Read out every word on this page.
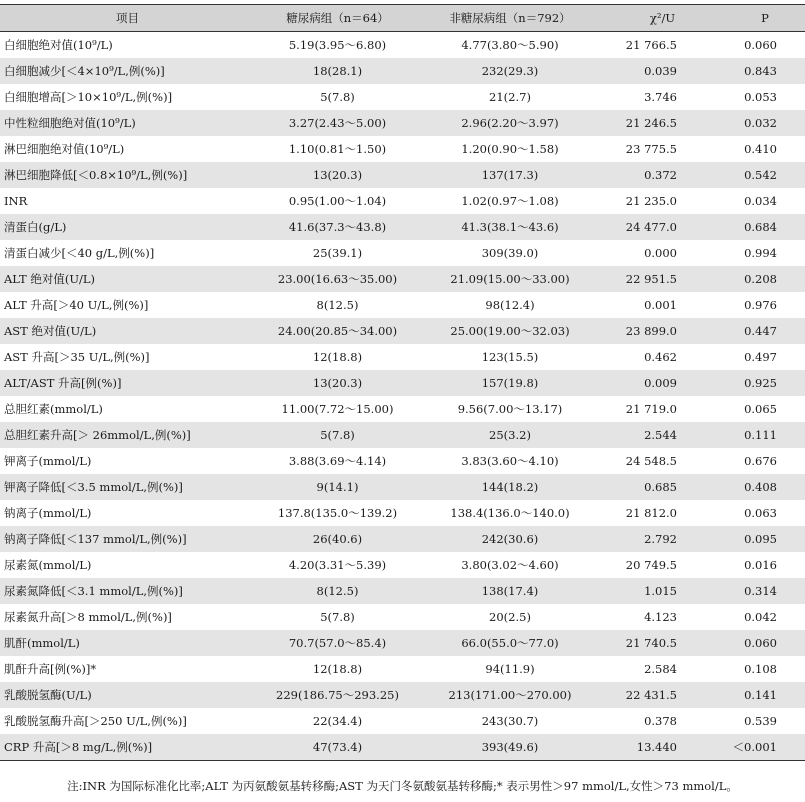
项目	糖尿病组（n＝64）	非糖尿病组（n＝792）	χ²/U	P
白细胞绝对值(10⁹/L)	5.19(3.95～6.80)	4.77(3.80～5.90)	21 766.5	0.060
白细胞减少[＜4×10⁹/L,例(%)]	18(28.1)	232(29.3)	0.039	0.843
白细胞增高[＞10×10⁹/L,例(%)]	5(7.8)	21(2.7)	3.746	0.053
中性粒细胞绝对值(10⁹/L)	3.27(2.43～5.00)	2.96(2.20～3.97)	21 246.5	0.032
淋巴细胞绝对值(10⁹/L)	1.10(0.81～1.50)	1.20(0.90～1.58)	23 775.5	0.410
淋巴细胞降低[＜0.8×10⁹/L,例(%)]	13(20.3)	137(17.3)	0.372	0.542
INR	0.95(1.00～1.04)	1.02(0.97～1.08)	21 235.0	0.034
清蛋白(g/L)	41.6(37.3～43.8)	41.3(38.1～43.6)	24 477.0	0.684
清蛋白减少[＜40 g/L,例(%)]	25(39.1)	309(39.0)	0.000	0.994
ALT 绝对值(U/L)	23.00(16.63～35.00)	21.09(15.00～33.00)	22 951.5	0.208
ALT 升高[＞40 U/L,例(%)]	8(12.5)	98(12.4)	0.001	0.976
AST 绝对值(U/L)	24.00(20.85～34.00)	25.00(19.00～32.03)	23 899.0	0.447
AST 升高[＞35 U/L,例(%)]	12(18.8)	123(15.5)	0.462	0.497
ALT/AST 升高[例(%)]	13(20.3)	157(19.8)	0.009	0.925
总胆红素(mmol/L)	11.00(7.72～15.00)	9.56(7.00～13.17)	21 719.0	0.065
总胆红素升高[＞ 26mmol/L,例(%)]	5(7.8)	25(3.2)	2.544	0.111
钾离子(mmol/L)	3.88(3.69～4.14)	3.83(3.60～4.10)	24 548.5	0.676
钾离子降低[＜3.5 mmol/L,例(%)]	9(14.1)	144(18.2)	0.685	0.408
钠离子(mmol/L)	137.8(135.0～139.2)	138.4(136.0～140.0)	21 812.0	0.063
钠离子降低[＜137 mmol/L,例(%)]	26(40.6)	242(30.6)	2.792	0.095
尿素氮(mmol/L)	4.20(3.31～5.39)	3.80(3.02～4.60)	20 749.5	0.016
尿素氮降低[＜3.1 mmol/L,例(%)]	8(12.5)	138(17.4)	1.015	0.314
尿素氮升高[＞8 mmol/L,例(%)]	5(7.8)	20(2.5)	4.123	0.042
肌酐(mmol/L)	70.7(57.0～85.4)	66.0(55.0～77.0)	21 740.5	0.060
肌酐升高[例(%)]*	12(18.8)	94(11.9)	2.584	0.108
乳酸脱氢酶(U/L)	229(186.75～293.25)	213(171.00～270.00)	22 431.5	0.141
乳酸脱氢酶升高[＞250 U/L,例(%)]	22(34.4)	243(30.7)	0.378	0.539
CRP 升高[＞8 mg/L,例(%)]	47(73.4)	393(49.6)	13.440	＜0.001
注:INR 为国际标准化比率;ALT 为丙氨酸氨基转移酶;AST 为天门冬氨酸氨基转移酶;* 表示男性＞97 mmol/L,女性＞73 mmol/L。
